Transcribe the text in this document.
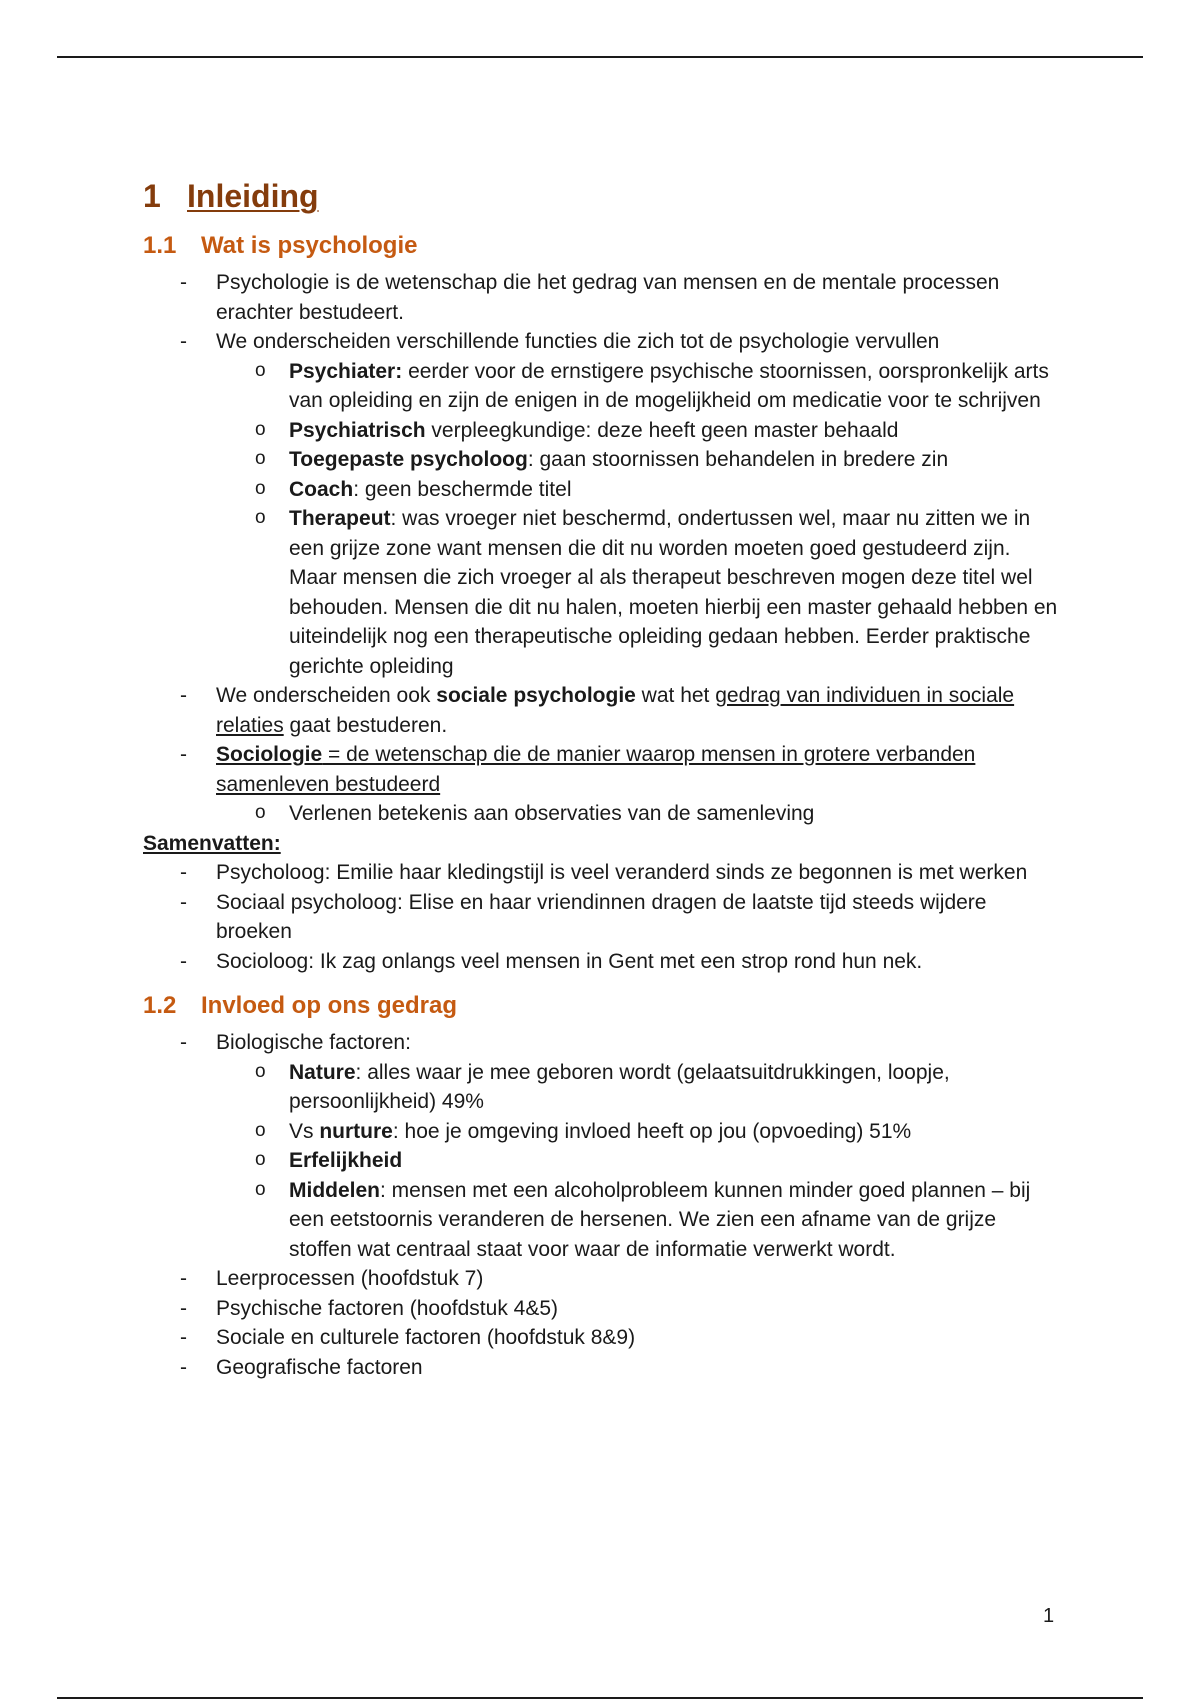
1 Inleiding
1.1 Wat is psychologie
- Psychologie is de wetenschap die het gedrag van mensen en de mentale processen erachter bestudeert.
- We onderscheiden verschillende functies die zich tot de psychologie vervullen
o Psychiater: eerder voor de ernstigere psychische stoornissen, oorspronkelijk arts van opleiding en zijn de enigen in de mogelijkheid om medicatie voor te schrijven
o Psychiatrisch verpleegkundige: deze heeft geen master behaald
o Toegepaste psycholoog: gaan stoornissen behandelen in bredere zin
o Coach: geen beschermde titel
o Therapeut: was vroeger niet beschermd, ondertussen wel, maar nu zitten we in een grijze zone want mensen die dit nu worden moeten goed gestudeerd zijn. Maar mensen die zich vroeger al als therapeut beschreven mogen deze titel wel behouden. Mensen die dit nu halen, moeten hierbij een master gehaald hebben en uiteindelijk nog een therapeutische opleiding gedaan hebben. Eerder praktische gerichte opleiding
- We onderscheiden ook sociale psychologie wat het gedrag van individuen in sociale relaties gaat bestuderen.
- Sociologie = de wetenschap die de manier waarop mensen in grotere verbanden samenleven bestudeerd
o Verlenen betekenis aan observaties van de samenleving
Samenvatten:
- Psycholoog: Emilie haar kledingstijl is veel veranderd sinds ze begonnen is met werken
- Sociaal psycholoog: Elise en haar vriendinnen dragen de laatste tijd steeds wijdere broeken
- Socioloog: Ik zag onlangs veel mensen in Gent met een strop rond hun nek.
1.2 Invloed op ons gedrag
- Biologische factoren:
o Nature: alles waar je mee geboren wordt (gelaatsuitdrukkingen, loopje, persoonlijkheid) 49%
o Vs nurture: hoe je omgeving invloed heeft op jou (opvoeding) 51%
o Erfelijkheid
o Middelen: mensen met een alcoholprobleem kunnen minder goed plannen – bij een eetstoornis veranderen de hersenen. We zien een afname van de grijze stoffen wat centraal staat voor waar de informatie verwerkt wordt.
- Leerprocessen (hoofdstuk 7)
- Psychische factoren (hoofdstuk 4&5)
- Sociale en culturele factoren (hoofdstuk 8&9)
- Geografische factoren
1
